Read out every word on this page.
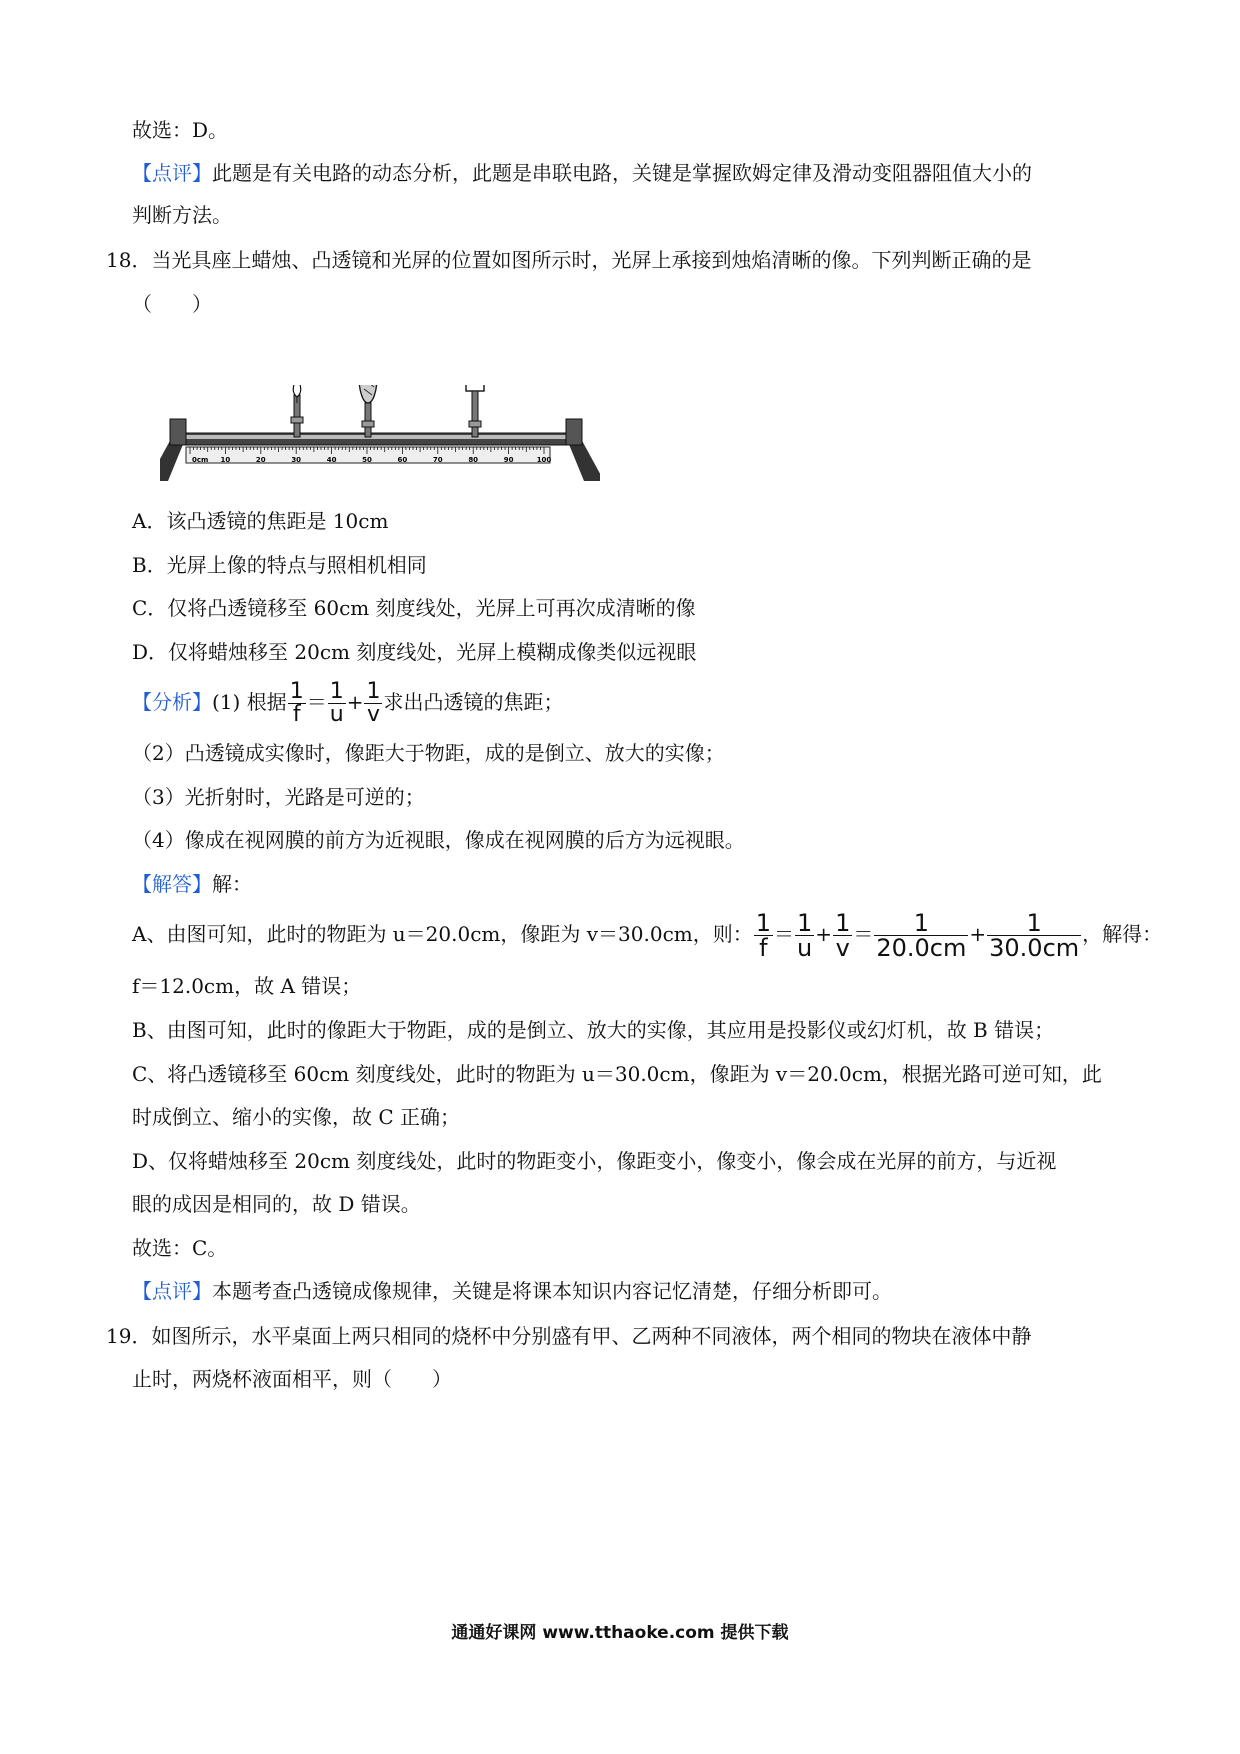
故选：D。
【点评】此题是有关电路的动态分析，此题是串联电路，关键是掌握欧姆定律及滑动变阻器阻值大小的
判断方法。
18．当光具座上蜡烛、凸透镜和光屏的位置如图所示时，光屏上承接到烛焰清晰的像。下列判断正确的是
（　　）
0cm 10	20	30	40	50	60	70	80	90	100
A．该凸透镜的焦距是 10cm
B．光屏上像的特点与照相机相同
C．仅将凸透镜移至 60cm 刻度线处，光屏上可再次成清晰的像
D．仅将蜡烛移至 20cm 刻度线处，光屏上模糊成像类似远视眼
【分析】(1) 根据 $\frac{1}{f} = \frac{1}{u} + \frac{1}{v}$ 求出凸透镜的焦距；
（2）凸透镜成实像时，像距大于物距，成的是倒立、放大的实像；
（3）光折射时，光路是可逆的；
（4）像成在视网膜的前方为近视眼，像成在视网膜的后方为远视眼。
【解答】解：
A、由图可知，此时的物距为 u＝20.0cm，像距为 v＝30.0cm，则： $\frac{1}{f} = \frac{1}{u} + \frac{1}{v} = \frac{1}{20.0cm} + \frac{1}{30.0cm}$ ，解得：
f＝12.0cm，故 A 错误；
B、由图可知，此时的像距大于物距，成的是倒立、放大的实像，其应用是投影仪或幻灯机，故 B 错误；
C、将凸透镜移至 60cm 刻度线处，此时的物距为 u＝30.0cm，像距为 v＝20.0cm，根据光路可逆可知，此
时成倒立、缩小的实像，故 C 正确；
D、仅将蜡烛移至 20cm 刻度线处，此时的物距变小，像距变小，像变小，像会成在光屏的前方，与近视
眼的成因是相同的，故 D 错误。
故选：C。
【点评】本题考查凸透镜成像规律，关键是将课本知识内容记忆清楚，仔细分析即可。
19．如图所示，水平桌面上两只相同的烧杯中分别盛有甲、乙两种不同液体，两个相同的物块在液体中静
止时，两烧杯液面相平，则（　　）
通通好课网 www.tthaoke.com 提供下载
